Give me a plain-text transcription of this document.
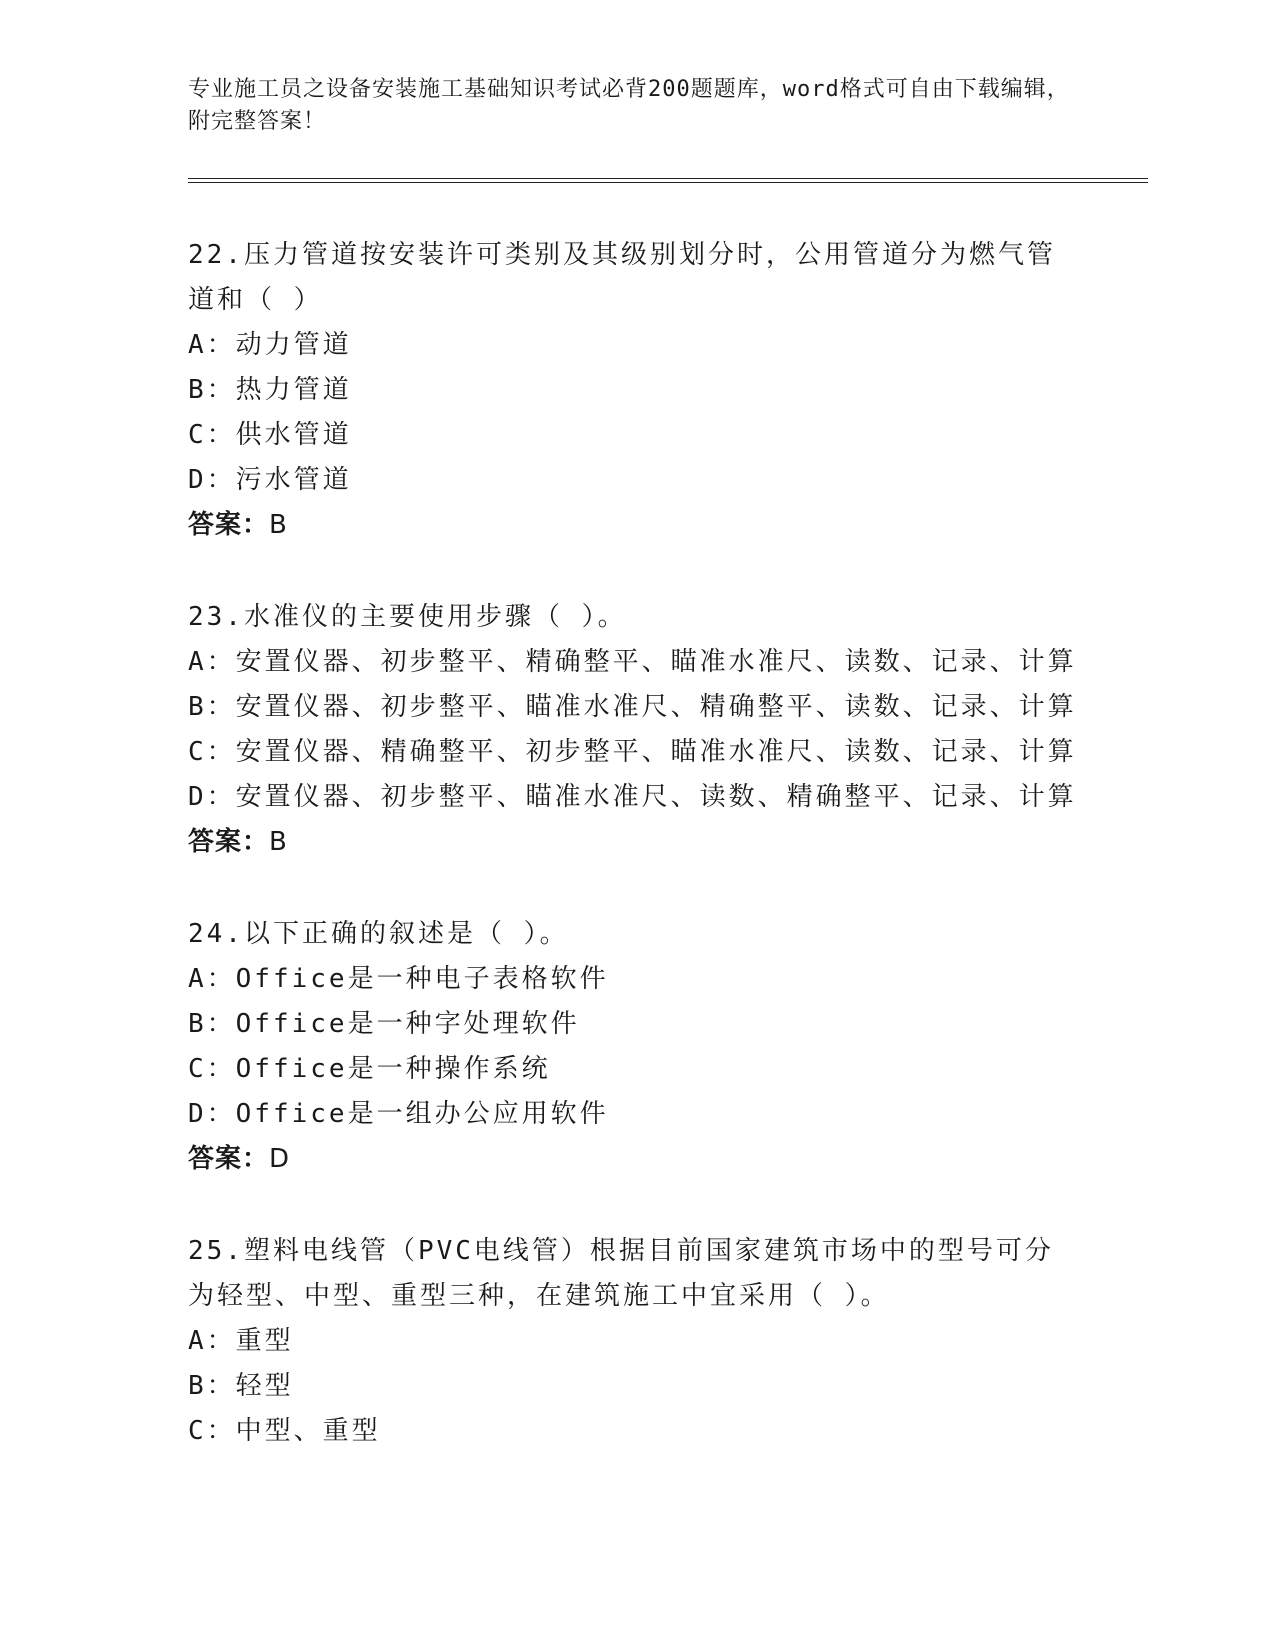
专业施工员之设备安装施工基础知识考试必背200题题库，word格式可自由下载编辑，附完整答案！
22.压力管道按安装许可类别及其级别划分时，公用管道分为燃气管道和（ ）
A：动力管道
B：热力管道
C：供水管道
D：污水管道
答案：B
23.水准仪的主要使用步骤（ ）。
A：安置仪器、初步整平、精确整平、瞄准水准尺、读数、记录、计算
B：安置仪器、初步整平、瞄准水准尺、精确整平、读数、记录、计算
C：安置仪器、精确整平、初步整平、瞄准水准尺、读数、记录、计算
D：安置仪器、初步整平、瞄准水准尺、读数、精确整平、记录、计算
答案：B
24.以下正确的叙述是（ ）。
A：Office是一种电子表格软件
B：Office是一种字处理软件
C：Office是一种操作系统
D：Office是一组办公应用软件
答案：D
25.塑料电线管（PVC电线管）根据目前国家建筑市场中的型号可分为轻型、中型、重型三种，在建筑施工中宜采用（ ）。
A：重型
B：轻型
C：中型、重型
